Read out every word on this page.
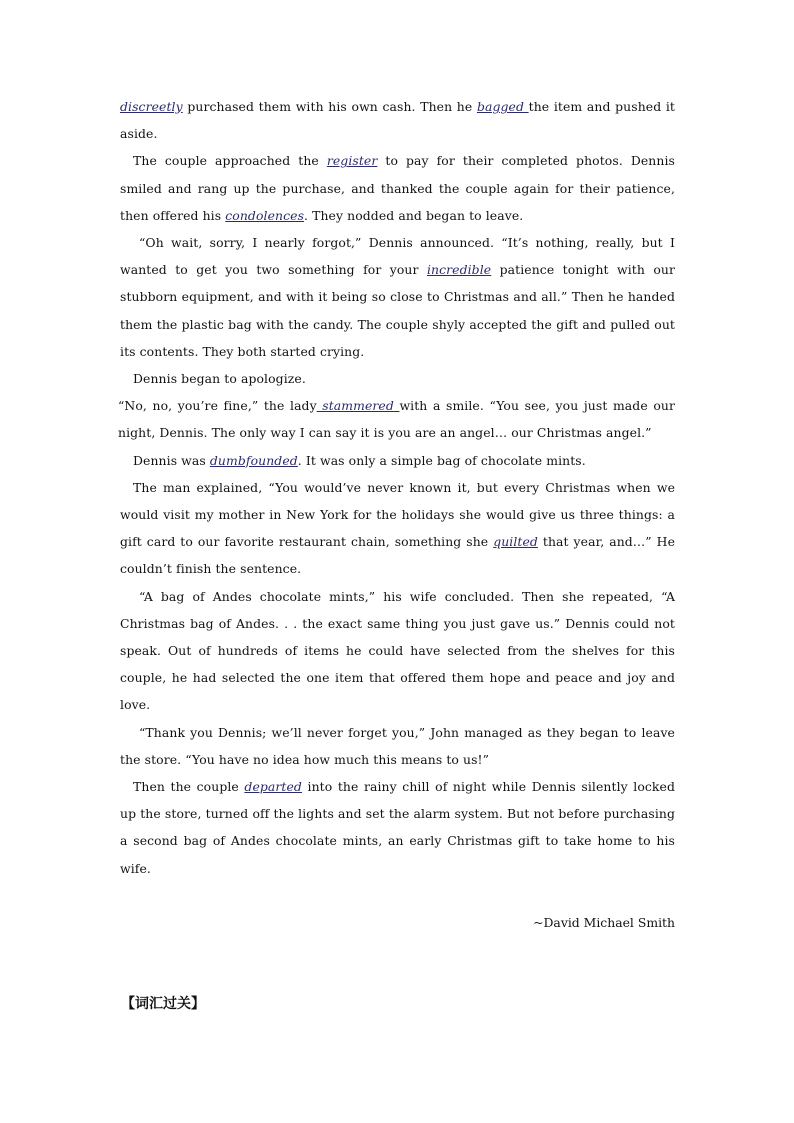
discreetly purchased them with his own cash. Then he bagged the item and pushed it aside.

The couple approached the register to pay for their completed photos. Dennis smiled and rang up the purchase, and thanked the couple again for their patience, then offered his condolences. They nodded and began to leave.

“Oh wait, sorry, I nearly forgot,” Dennis announced. “It’s nothing, really, but I wanted to get you two something for your incredible patience tonight with our stubborn equipment, and with it being so close to Christmas and all.” Then he handed them the plastic bag with the candy. The couple shyly accepted the gift and pulled out its contents. They both started crying.

Dennis began to apologize.

“No, no, you’re fine,” the lady stammered with a smile. “You see, you just made our night, Dennis. The only way I can say it is you are an angel… our Christmas angel.”

Dennis was dumbfounded. It was only a simple bag of chocolate mints.

The man explained, “You would’ve never known it, but every Christmas when we would visit my mother in New York for the holidays she would give us three things: a gift card to our favorite restaurant chain, something she quilted that year, and…” He couldn’t finish the sentence.

“A bag of Andes chocolate mints,” his wife concluded. Then she repeated, “A Christmas bag of Andes. . . the exact same thing you just gave us.” Dennis could not speak. Out of hundreds of items he could have selected from the shelves for this couple, he had selected the one item that offered them hope and peace and joy and love.

“Thank you Dennis; we’ll never forget you,” John managed as they began to leave the store. “You have no idea how much this means to us!”

Then the couple departed into the rainy chill of night while Dennis silently locked up the store, turned off the lights and set the alarm system. But not before purchasing a second bag of Andes chocolate mints, an early Christmas gift to take home to his wife.

~David Michael Smith

【词汇过关】
